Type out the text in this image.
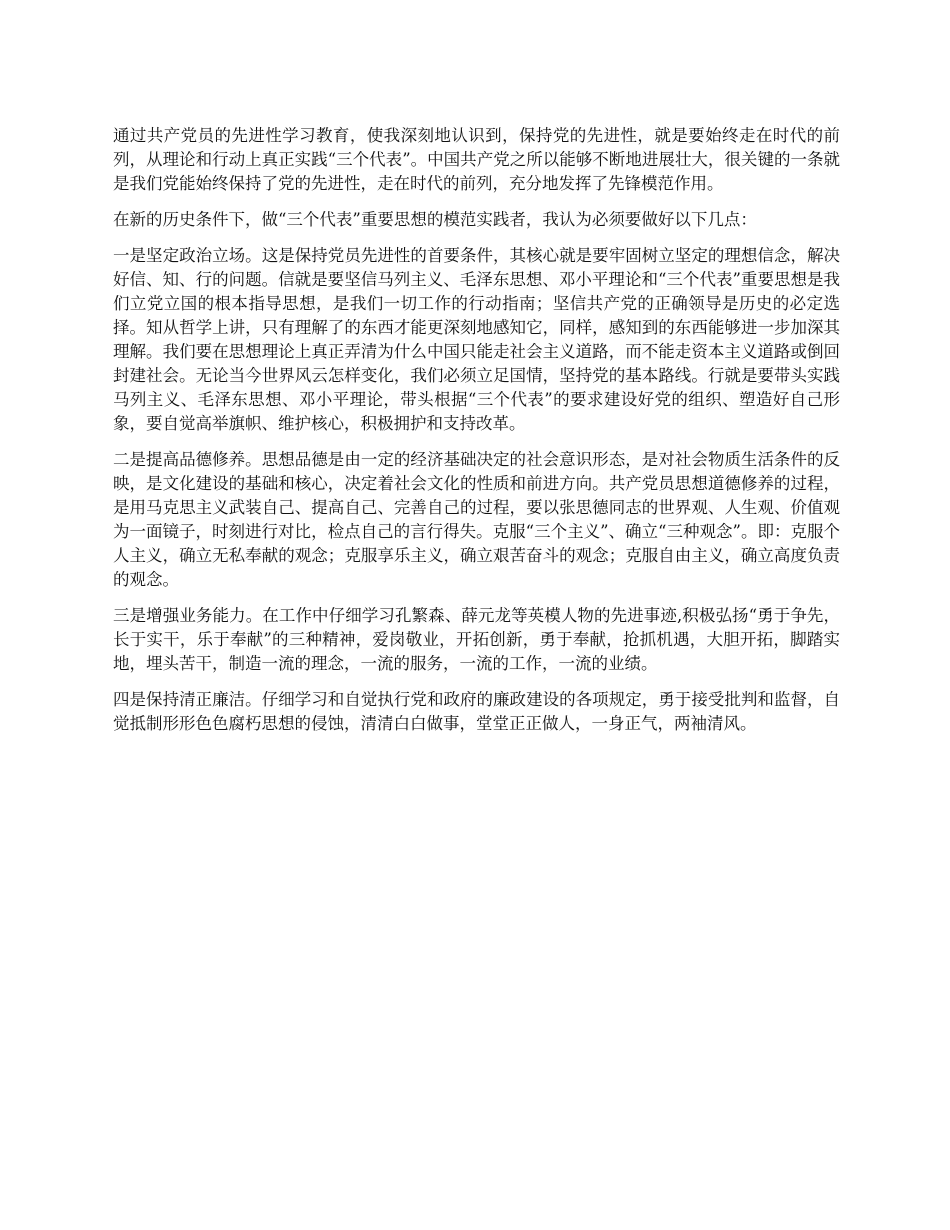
通过共产党员的先进性学习教育，使我深刻地认识到，保持党的先进性，就是要始终走在时代的前列，从理论和行动上真正实践“三个代表”。中国共产党之所以能够不断地进展壮大，很关键的一条就是我们党能始终保持了党的先进性，走在时代的前列，充分地发挥了先锋模范作用。

在新的历史条件下，做“三个代表”重要思想的模范实践者，我认为必须要做好以下几点：

一是坚定政治立场。这是保持党员先进性的首要条件，其核心就是要牢固树立坚定的理想信念，解决好信、知、行的问题。信就是要坚信马列主义、毛泽东思想、邓小平理论和“三个代表”重要思想是我们立党立国的根本指导思想，是我们一切工作的行动指南；坚信共产党的正确领导是历史的必定选择。知从哲学上讲，只有理解了的东西才能更深刻地感知它，同样，感知到的东西能够进一步加深其理解。我们要在思想理论上真正弄清为什么中国只能走社会主义道路，而不能走资本主义道路或倒回封建社会。无论当今世界风云怎样变化，我们必须立足国情，坚持党的基本路线。行就是要带头实践马列主义、毛泽东思想、邓小平理论，带头根据“三个代表”的要求建设好党的组织、塑造好自己形象，要自觉高举旗帜、维护核心，积极拥护和支持改革。

二是提高品德修养。思想品德是由一定的经济基础决定的社会意识形态，是对社会物质生活条件的反映，是文化建设的基础和核心，决定着社会文化的性质和前进方向。共产党员思想道德修养的过程，是用马克思主义武装自己、提高自己、完善自己的过程，要以张思德同志的世界观、人生观、价值观为一面镜子，时刻进行对比，检点自己的言行得失。克服“三个主义”、确立“三种观念”。即：克服个人主义，确立无私奉献的观念；克服享乐主义，确立艰苦奋斗的观念；克服自由主义，确立高度负责的观念。

三是增强业务能力。在工作中仔细学习孔繁森、薛元龙等英模人物的先进事迹,积极弘扬“勇于争先，长于实干，乐于奉献”的三种精神，爱岗敬业，开拓创新，勇于奉献，抢抓机遇，大胆开拓，脚踏实地，埋头苦干，制造一流的理念，一流的服务，一流的工作，一流的业绩。

四是保持清正廉洁。仔细学习和自觉执行党和政府的廉政建设的各项规定，勇于接受批判和监督，自觉抵制形形色色腐朽思想的侵蚀，清清白白做事，堂堂正正做人，一身正气，两袖清风。
